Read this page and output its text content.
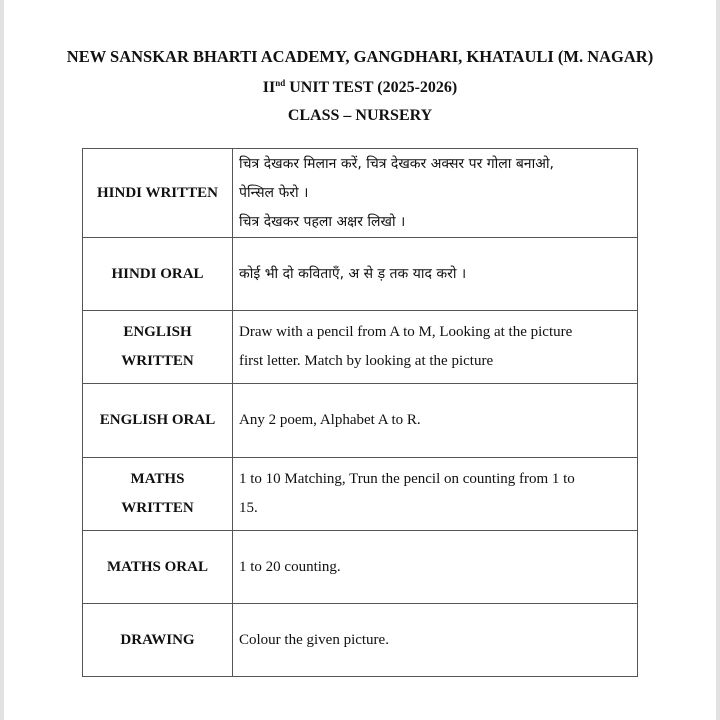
NEW SANSKAR BHARTI ACADEMY, GANGDHARI, KHATAULI (M. NAGAR)
IInd UNIT TEST (2025-2026)
CLASS – NURSERY
HINDI WRITTEN	चित्र देखकर मिलान करें, चित्र देखकर अक्सर पर गोला बनाओ,
पेन्सिल फेरो ।
चित्र देखकर पहला अक्षर लिखो ।

HINDI ORAL	कोई भी दो कविताएँ, अ से ड़ तक याद करो ।

ENGLISH
WRITTEN	Draw with a pencil from A to M, Looking at the picture
first letter. Match by looking at the picture

ENGLISH ORAL	Any 2 poem, Alphabet A to R.

MATHS
WRITTEN	1 to 10 Matching, Trun the pencil on counting from 1 to
15.

MATHS ORAL	1 to 20 counting.

DRAWING	Colour the given picture.
